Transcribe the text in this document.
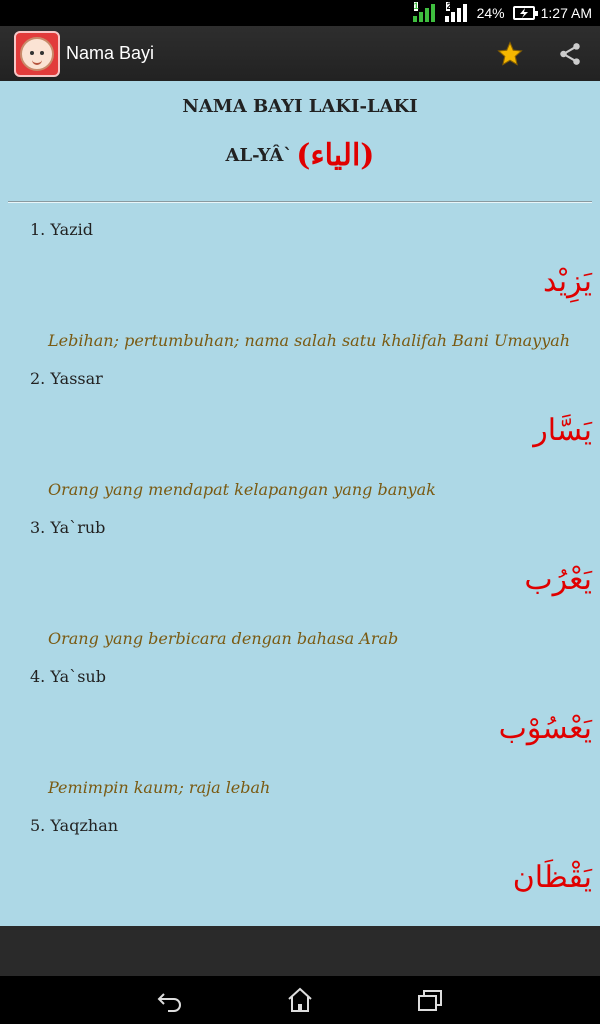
1	2 24%	1:27 AM
Nama Bayi
NAMA BAYI LAKI-LAKI
AL-YÂ` (الياء)
1. Yazid
يَزِيْد
Lebihan; pertumbuhan; nama salah satu khalifah Bani Umayyah
2. Yassar
يَسَّار
Orang yang mendapat kelapangan yang banyak
3. Ya`rub
يَعْرُب
Orang yang berbicara dengan bahasa Arab
4. Ya`sub
يَعْسُوْب
Pemimpin kaum; raja lebah
5. Yaqzhan
يَقْظَان
